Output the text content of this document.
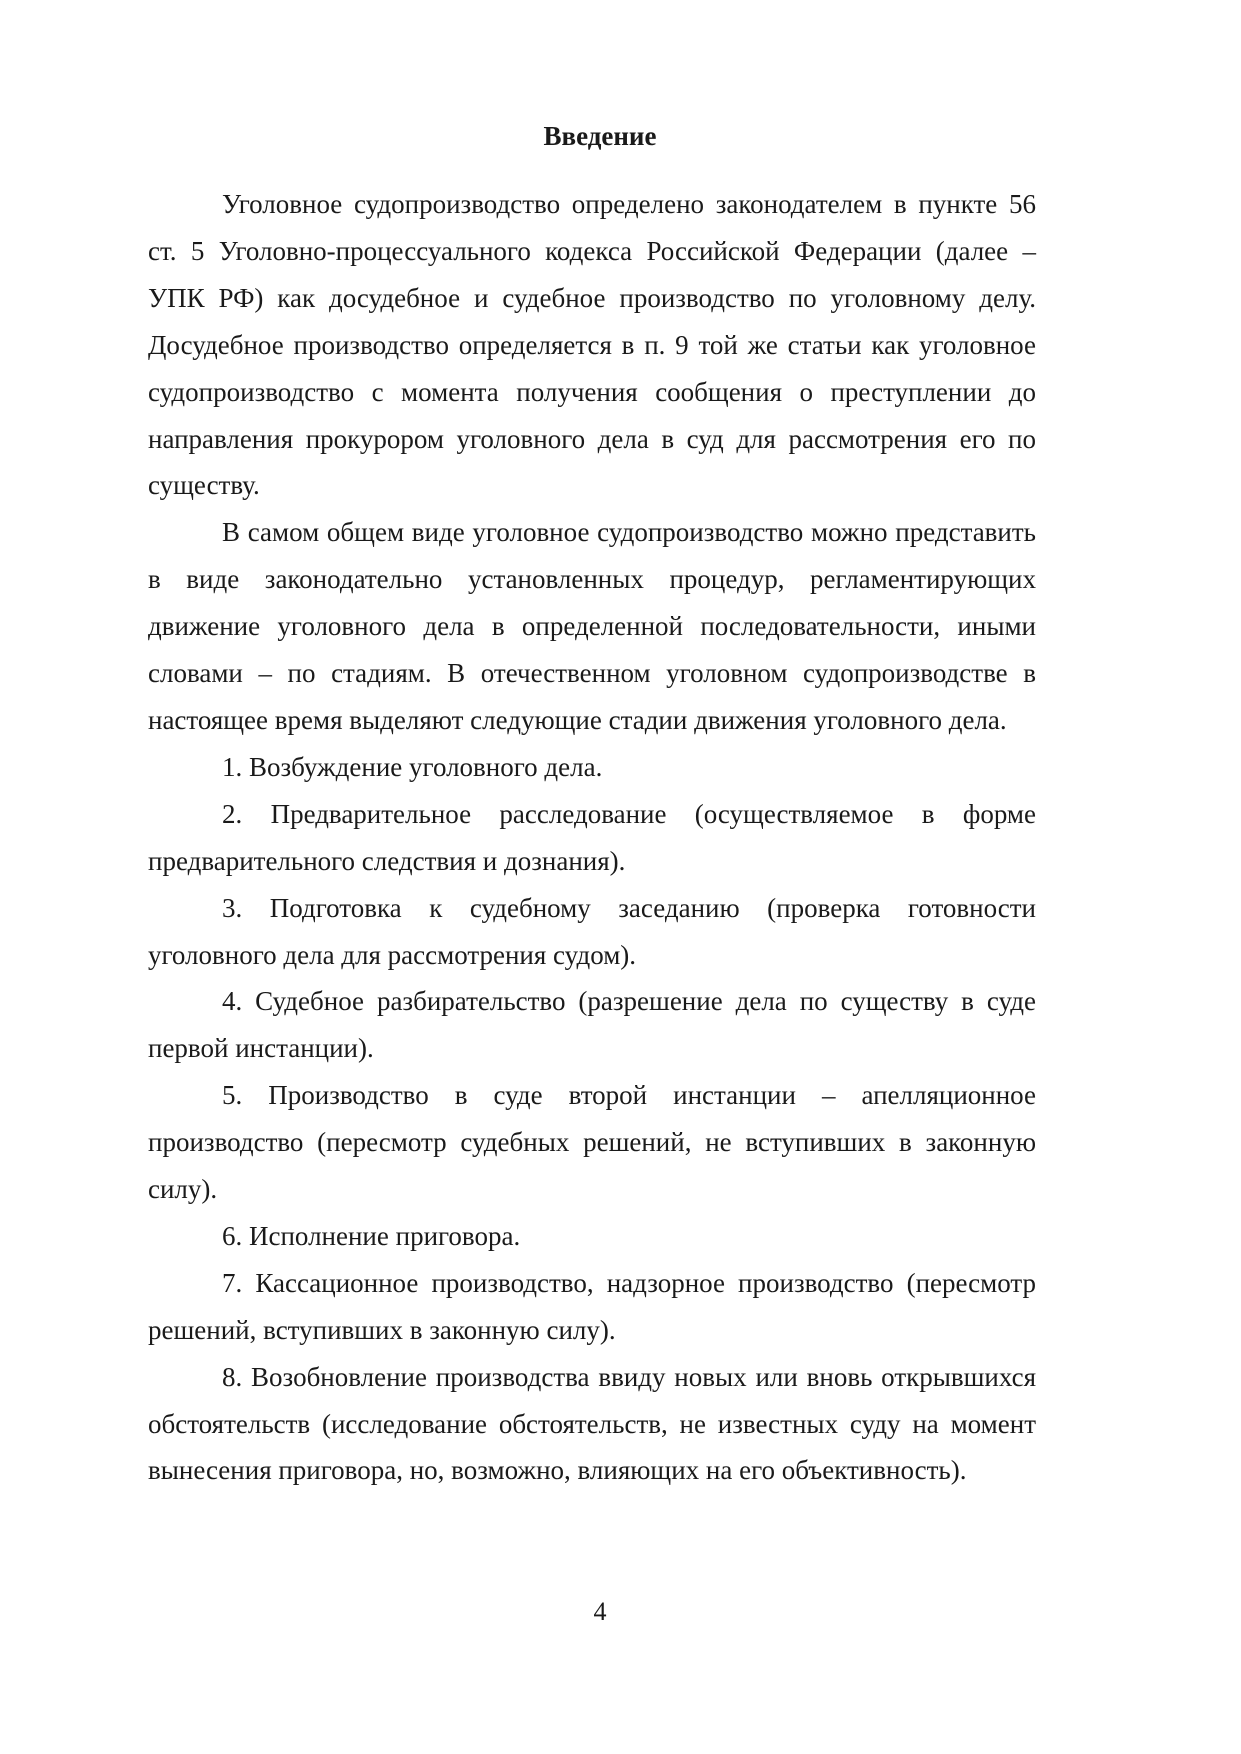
Введение

Уголовное судопроизводство определено законодателем в пункте 56 ст. 5 Уголовно-процессуального кодекса Российской Федерации (далее – УПК РФ) как досудебное и судебное производство по уголовному делу. Досудебное производство определяется в п. 9 той же статьи как уголовное судопроизводство с момента получения сообщения о преступлении до направления прокурором уголовного дела в суд для рассмотрения его по существу.

В самом общем виде уголовное судопроизводство можно представить в виде законодательно установленных процедур, регламентирующих движение уголовного дела в определенной последовательности, иными словами – по стадиям. В отечественном уголовном судопроизводстве в настоящее время выделяют следующие стадии движения уголовного дела.

1. Возбуждение уголовного дела.

2. Предварительное расследование (осуществляемое в форме предварительного следствия и дознания).

3. Подготовка к судебному заседанию (проверка готовности уголовного дела для рассмотрения судом).

4. Судебное разбирательство (разрешение дела по существу в суде первой инстанции).

5. Производство в суде второй инстанции – апелляционное производство (пересмотр судебных решений, не вступивших в законную силу).

6. Исполнение приговора.

7. Кассационное производство, надзорное производство (пересмотр решений, вступивших в законную силу).

8. Возобновление производства ввиду новых или вновь открывшихся обстоятельств (исследование обстоятельств, не известных суду на момент вынесения приговора, но, возможно, влияющих на его объективность).

4
